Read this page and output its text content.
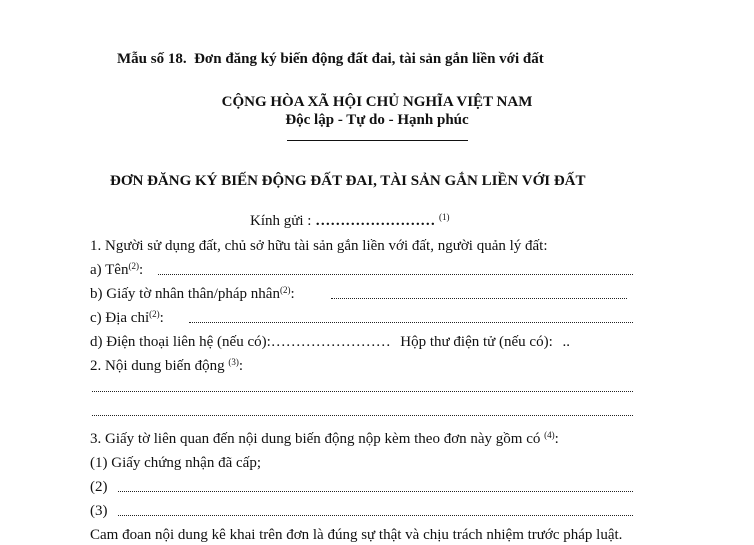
Mẫu số 18. Đơn đăng ký biến động đất đai, tài sản gắn liền với đất
CỘNG HÒA XÃ HỘI CHỦ NGHĨA VIỆT NAM
Độc lập - Tự do - Hạnh phúc
ĐƠN ĐĂNG KÝ BIẾN ĐỘNG ĐẤT ĐAI, TÀI SẢN GẮN LIỀN VỚI ĐẤT
Kính gửi : …………………… $^{(1)}$
1. Người sử dụng đất, chủ sở hữu tài sản gắn liền với đất, người quản lý đất:
a) Tên$^{(2)}$:
b) Giấy tờ nhân thân/pháp nhân$^{(2)}$:
c) Địa chỉ$^{(2)}$:
d) Điện thoại liên hệ (nếu có):…………………… Hộp thư điện tử (nếu có): ..
2. Nội dung biến động $^{(3)}$:
3. Giấy tờ liên quan đến nội dung biến động nộp kèm theo đơn này gồm có $^{(4)}$:
(1) Giấy chứng nhận đã cấp;
(2)
(3)
Cam đoan nội dung kê khai trên đơn là đúng sự thật và chịu trách nhiệm trước pháp luật.
